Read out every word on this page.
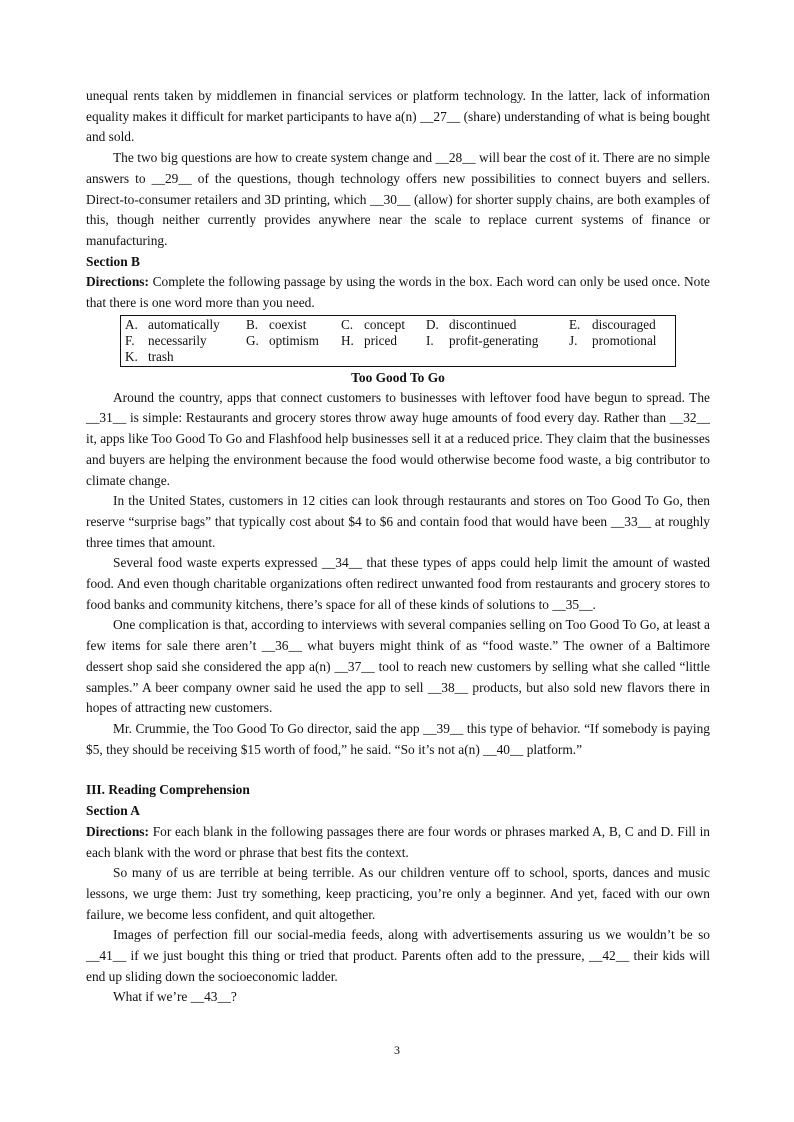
unequal rents taken by middlemen in financial services or platform technology. In the latter, lack of information equality makes it difficult for market participants to have a(n) __27__ (share) understanding of what is being bought and sold.

The two big questions are how to create system change and __28__ will bear the cost of it. There are no simple answers to __29__ of the questions, though technology offers new possibilities to connect buyers and sellers. Direct-to-consumer retailers and 3D printing, which __30__ (allow) for shorter supply chains, are both examples of this, though neither currently provides anywhere near the scale to replace current systems of finance or manufacturing.

Section B

Directions: Complete the following passage by using the words in the box. Each word can only be used once. Note that there is one word more than you need.

A. automatically B. coexist	C. concept D. discontinued	E. discouraged
F.	necessarily	G. optimism H. priced I.	profit-generating J.	promotional
K. trash
Too Good To Go

Around the country, apps that connect customers to businesses with leftover food have begun to spread. The __31__ is simple: Restaurants and grocery stores throw away huge amounts of food every day. Rather than __32__ it, apps like Too Good To Go and Flashfood help businesses sell it at a reduced price. They claim that the businesses and buyers are helping the environment because the food would otherwise become food waste, a big contributor to climate change.

In the United States, customers in 12 cities can look through restaurants and stores on Too Good To Go, then reserve “surprise bags” that typically cost about $4 to $6 and contain food that would have been __33__ at roughly three times that amount.

Several food waste experts expressed __34__ that these types of apps could help limit the amount of wasted food. And even though charitable organizations often redirect unwanted food from restaurants and grocery stores to food banks and community kitchens, there’s space for all of these kinds of solutions to __35__.

One complication is that, according to interviews with several companies selling on Too Good To Go, at least a few items for sale there aren’t __36__ what buyers might think of as “food waste.” The owner of a Baltimore dessert shop said she considered the app a(n) __37__ tool to reach new customers by selling what she called “little samples.” A beer company owner said he used the app to sell __38__ products, but also sold new flavors there in hopes of attracting new customers.

Mr. Crummie, the Too Good To Go director, said the app __39__ this type of behavior. “If somebody is paying $5, they should be receiving $15 worth of food,” he said. “So it’s not a(n) __40__ platform.”

III. Reading Comprehension
Section A

Directions: For each blank in the following passages there are four words or phrases marked A, B, C and D. Fill in each blank with the word or phrase that best fits the context.

So many of us are terrible at being terrible. As our children venture off to school, sports, dances and music lessons, we urge them: Just try something, keep practicing, you’re only a beginner. And yet, faced with our own failure, we become less confident, and quit altogether.

Images of perfection fill our social-media feeds, along with advertisements assuring us we wouldn’t be so __41__ if we just bought this thing or tried that product. Parents often add to the pressure, __42__ their kids will end up sliding down the socioeconomic ladder.

What if we’re __43__?

3
